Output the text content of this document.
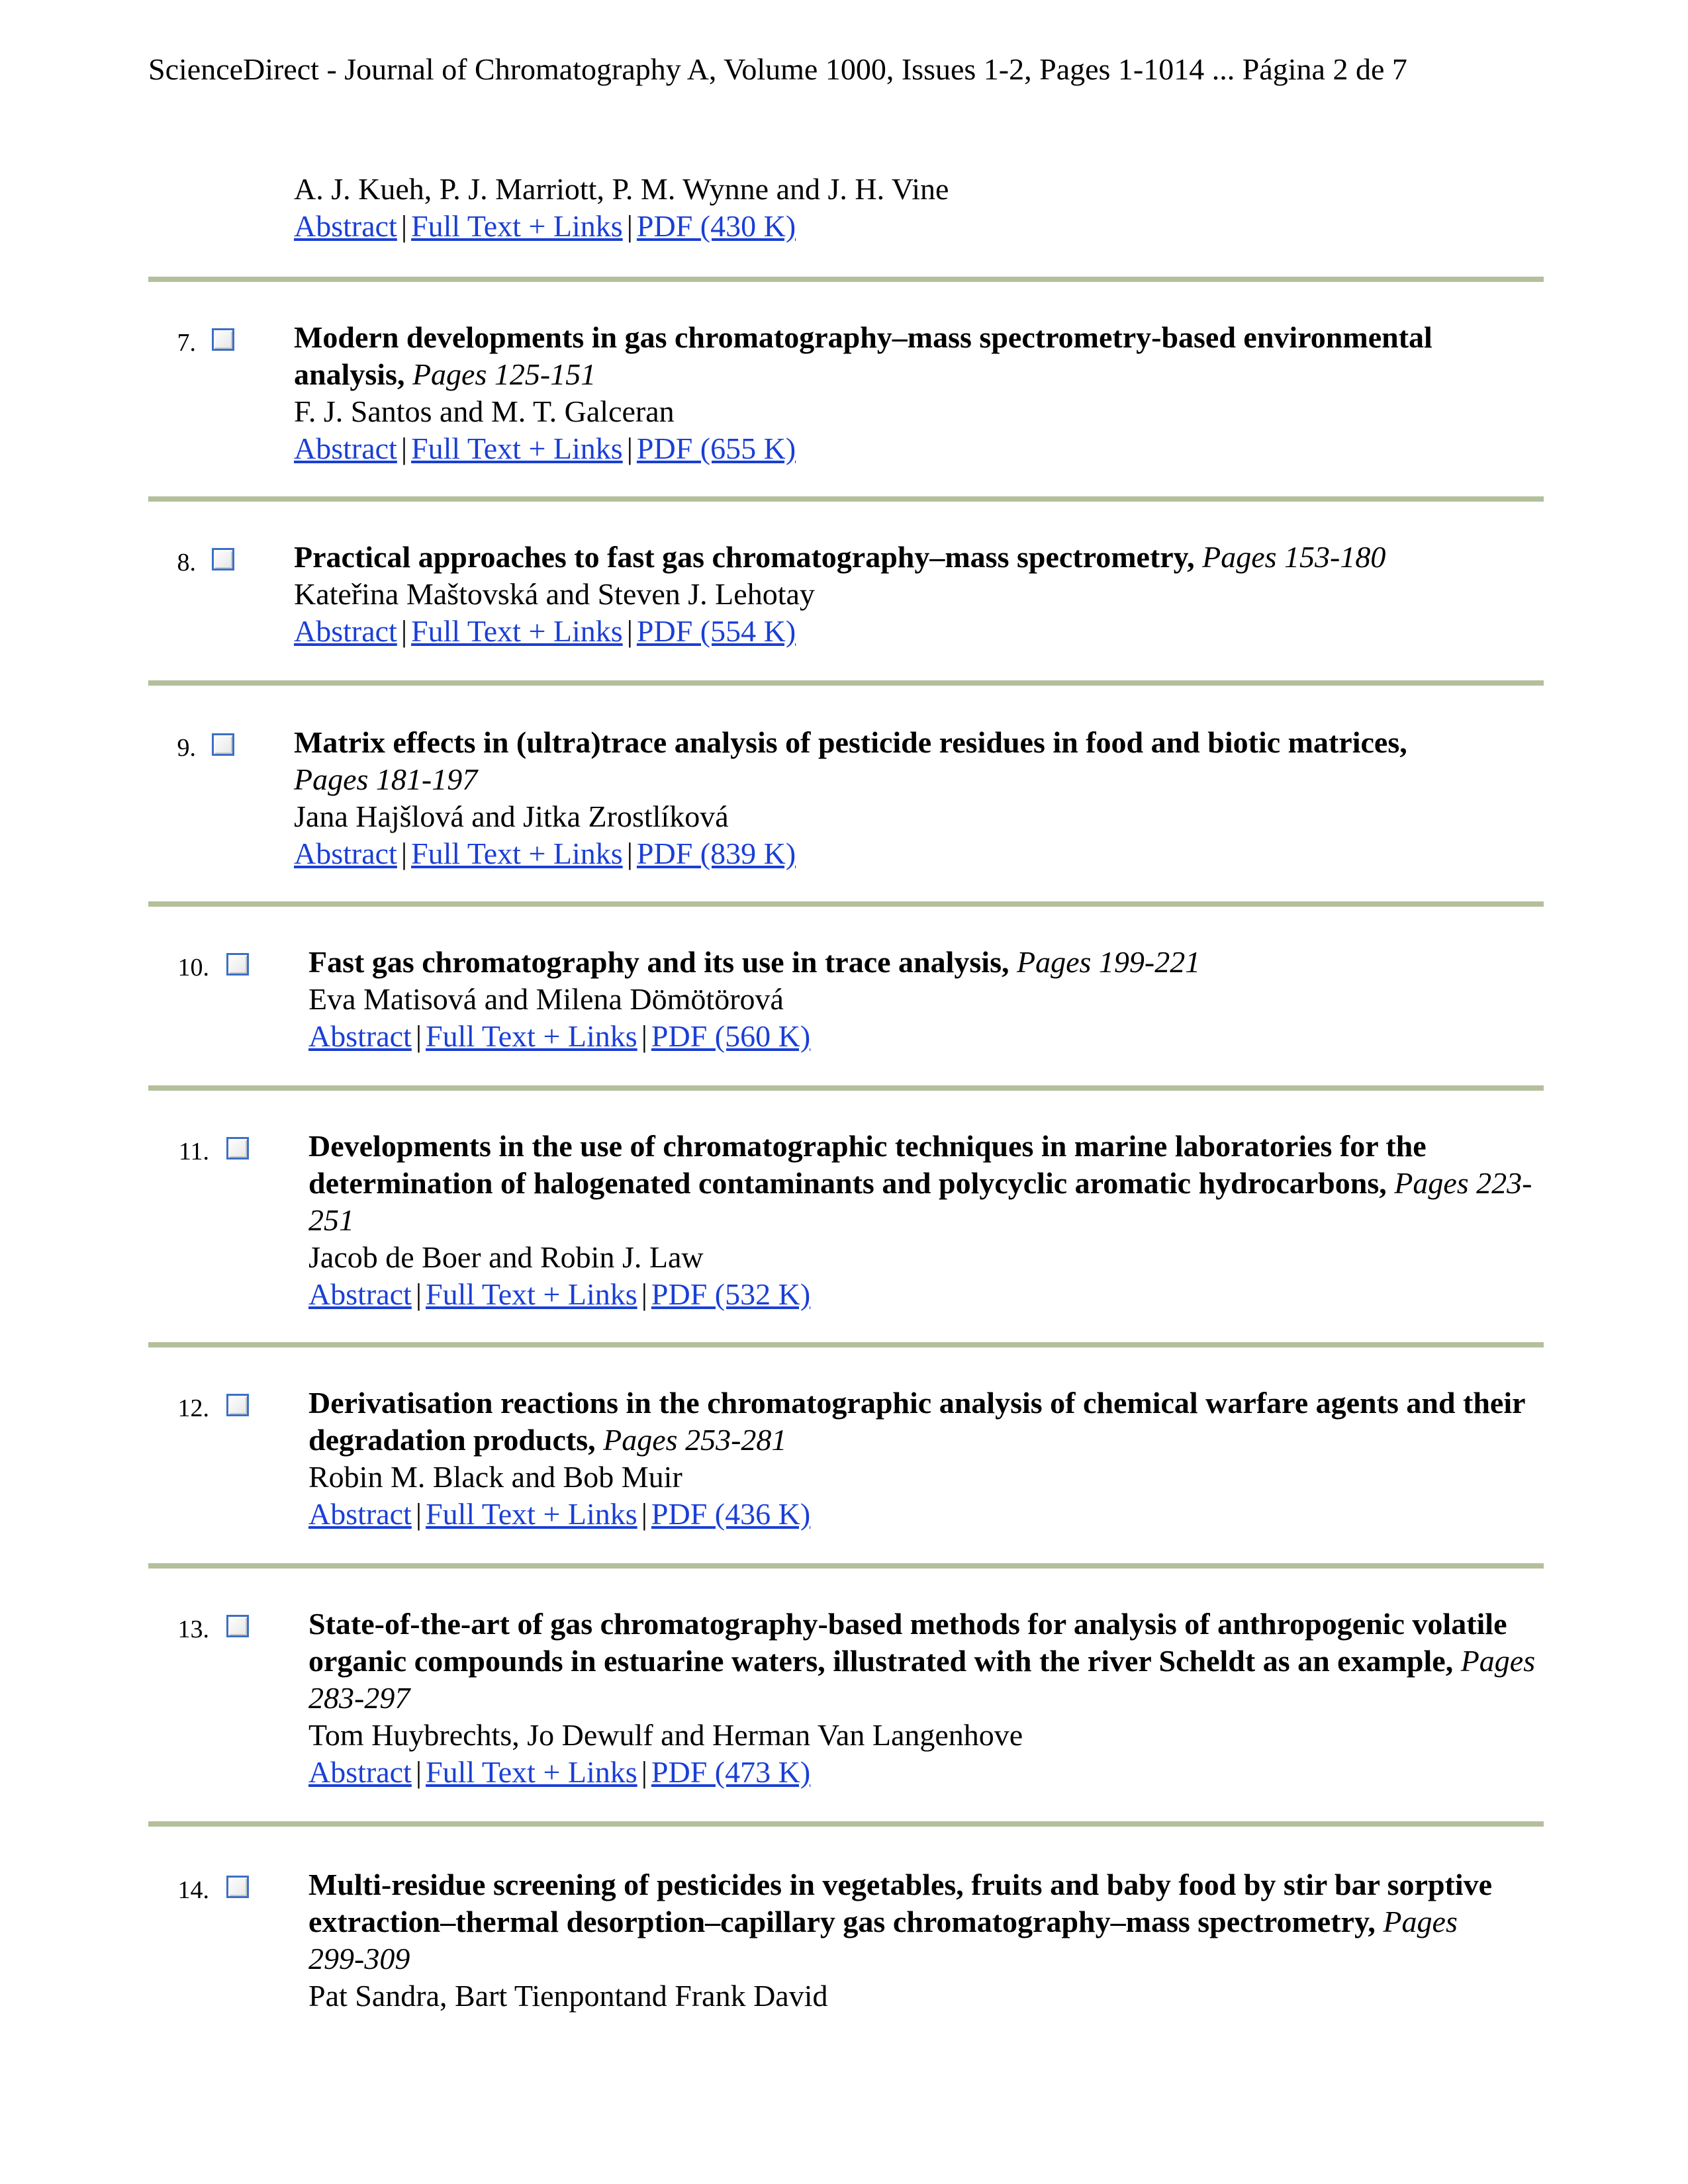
ScienceDirect - Journal of Chromatography A, Volume 1000, Issues 1-2, Pages 1-1014 ... Página 2 de 7
A. J. Kueh, P. J. Marriott, P. M. Wynne and J. H. Vine
Abstract | Full Text + Links | PDF (430 K)
7.	Modern developments in gas chromatography–mass spectrometry-based environmental analysis, Pages 125-151
F. J. Santos and M. T. Galceran
Abstract | Full Text + Links | PDF (655 K)
8.	Practical approaches to fast gas chromatography–mass spectrometry, Pages 153-180
Kateřina Maštovská and Steven J. Lehotay
Abstract | Full Text + Links | PDF (554 K)
9.	Matrix effects in (ultra)trace analysis of pesticide residues in food and biotic matrices, Pages 181-197
Jana Hajšlová and Jitka Zrostlíková
Abstract | Full Text + Links | PDF (839 K)
10.	Fast gas chromatography and its use in trace analysis, Pages 199-221
Eva Matisová and Milena Dömötörová
Abstract | Full Text + Links | PDF (560 K)
11.	Developments in the use of chromatographic techniques in marine laboratories for the determination of halogenated contaminants and polycyclic aromatic hydrocarbons, Pages 223-251
Jacob de Boer and Robin J. Law
Abstract | Full Text + Links | PDF (532 K)
12.	Derivatisation reactions in the chromatographic analysis of chemical warfare agents and their degradation products, Pages 253-281
Robin M. Black and Bob Muir
Abstract | Full Text + Links | PDF (436 K)
13.	State-of-the-art of gas chromatography-based methods for analysis of anthropogenic volatile organic compounds in estuarine waters, illustrated with the river Scheldt as an example, Pages 283-297
Tom Huybrechts, Jo Dewulf and Herman Van Langenhove
Abstract | Full Text + Links | PDF (473 K)
14.	Multi-residue screening of pesticides in vegetables, fruits and baby food by stir bar sorptive extraction–thermal desorption–capillary gas chromatography–mass spectrometry, Pages 299-309
Pat Sandra, Bart Tienpontand Frank David
